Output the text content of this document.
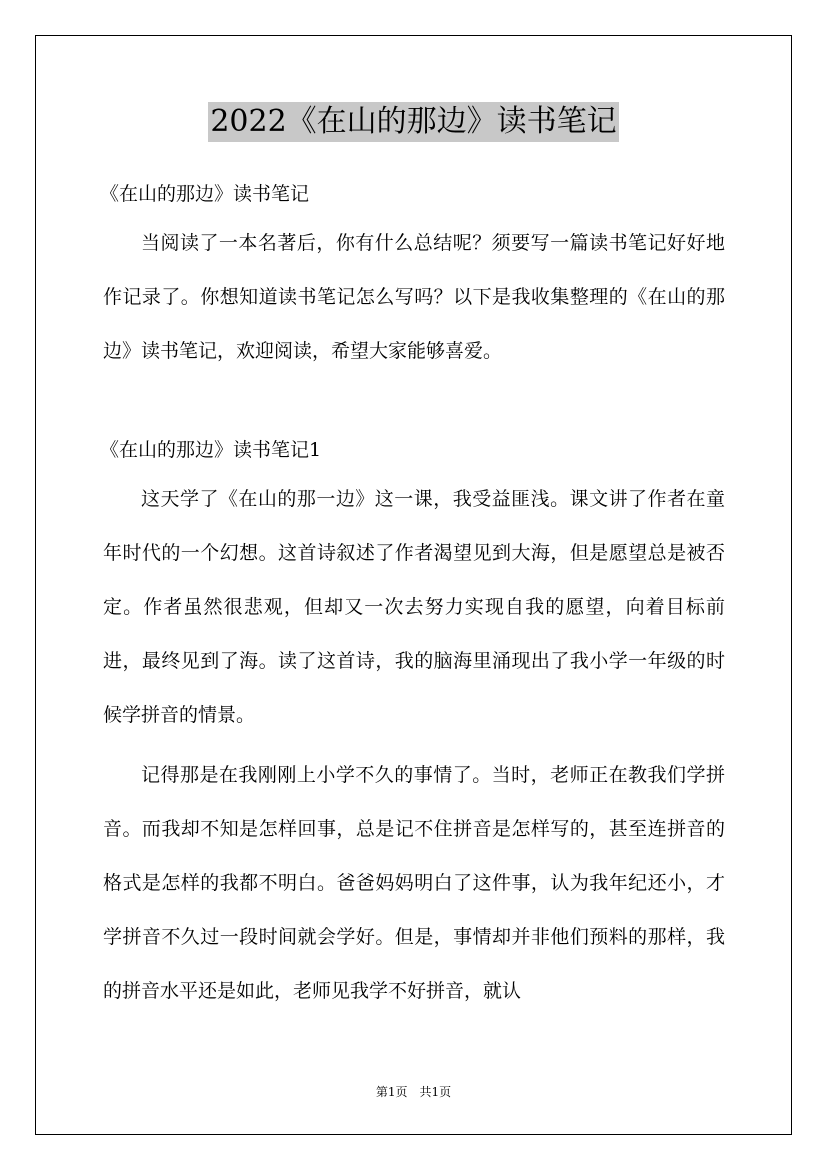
2022《在山的那边》读书笔记

《在山的那边》读书笔记

当阅读了一本名著后，你有什么总结呢？须要写一篇读书笔记好好地作记录了。你想知道读书笔记怎么写吗？以下是我收集整理的《在山的那边》读书笔记，欢迎阅读，希望大家能够喜爱。

《在山的那边》读书笔记1

这天学了《在山的那一边》这一课，我受益匪浅。课文讲了作者在童年时代的一个幻想。这首诗叙述了作者渴望见到大海，但是愿望总是被否定。作者虽然很悲观，但却又一次去努力实现自我的愿望，向着目标前进，最终见到了海。读了这首诗，我的脑海里涌现出了我小学一年级的时候学拼音的情景。

记得那是在我刚刚上小学不久的事情了。当时，老师正在教我们学拼音。而我却不知是怎样回事，总是记不住拼音是怎样写的，甚至连拼音的格式是怎样的我都不明白。爸爸妈妈明白了这件事，认为我年纪还小，才学拼音不久过一段时间就会学好。但是，事情却并非他们预料的那样，我的拼音水平还是如此，老师见我学不好拼音，就认

第1页　共1页
